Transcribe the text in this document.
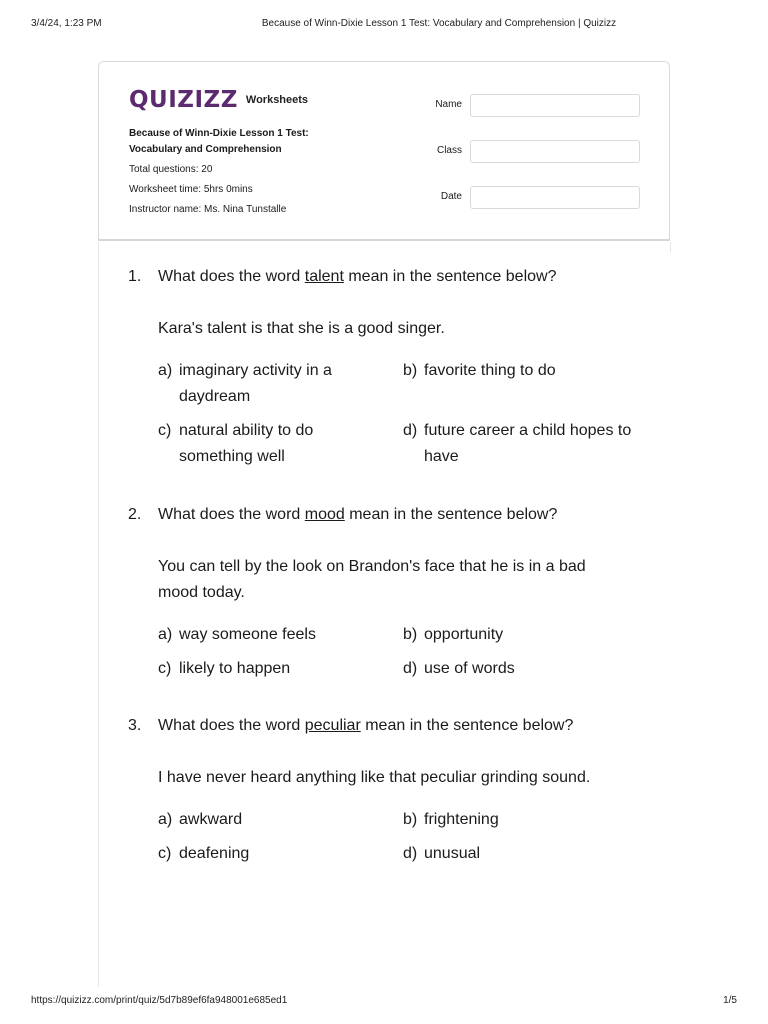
3/4/24, 1:23 PM	Because of Winn-Dixie Lesson 1 Test: Vocabulary and Comprehension | Quizizz
QUIZIZZ Worksheets
Because of Winn-Dixie Lesson 1 Test:
Vocabulary and Comprehension
Total questions: 20
Worksheet time: 5hrs 0mins
Instructor name: Ms. Nina Tunstalle
Name
Class
Date
1. What does the word talent mean in the sentence below?
Kara's talent is that she is a good singer.
a) imaginary activity in a daydream
b) favorite thing to do
c) natural ability to do something well
d) future career a child hopes to have
2. What does the word mood mean in the sentence below?
You can tell by the look on Brandon's face that he is in a bad mood today.
a) way someone feels	b) opportunity
c) likely to happen	d) use of words
3. What does the word peculiar mean in the sentence below?
I have never heard anything like that peculiar grinding sound.
a) awkward	b) frightening
c) deafening	d) unusual
https://quizizz.com/print/quiz/5d7b89ef6fa948001e685ed1	1/5
